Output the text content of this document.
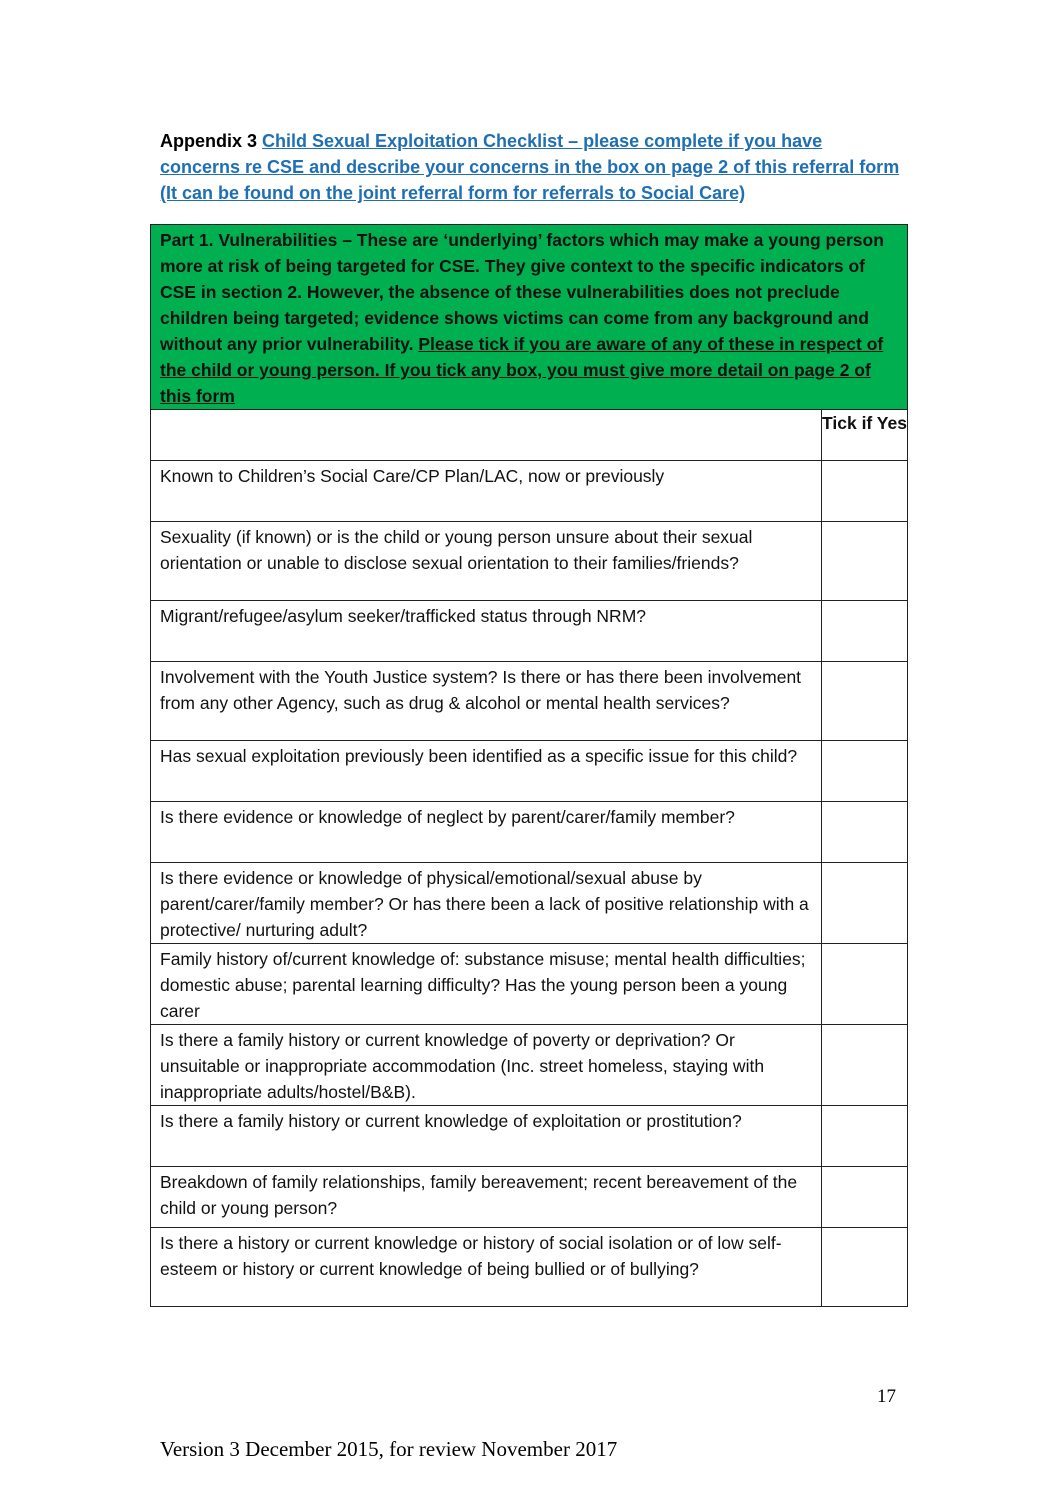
Appendix 3 Child Sexual Exploitation Checklist – please complete if you have concerns re CSE and describe your concerns in the box on page 2 of this referral form (It can be found on the joint referral form for referrals to Social Care)
Part 1. Vulnerabilities – These are ‘underlying’ factors which may make a young person more at risk of being targeted for CSE. They give context to the specific indicators of CSE in section 2. However, the absence of these vulnerabilities does not preclude children being targeted; evidence shows victims can come from any background and without any prior vulnerability. Please tick if you are aware of any of these in respect of the child or young person. If you tick any box, you must give more detail on page 2 of this form	
	Tick if Yes
Known to Children’s Social Care/CP Plan/LAC, now or previously	
Sexuality (if known) or is the child or young person unsure about their sexual orientation or unable to disclose sexual orientation to their families/friends?	
Migrant/refugee/asylum seeker/trafficked status through NRM?	
Involvement with the Youth Justice system? Is there or has there been involvement from any other Agency, such as drug & alcohol or mental health services?	
Has sexual exploitation previously been identified as a specific issue for this child?	
Is there evidence or knowledge of neglect by parent/carer/family member?	
Is there evidence or knowledge of physical/emotional/sexual abuse by parent/carer/family member? Or has there been a lack of positive relationship with a protective/ nurturing adult?	
Family history of/current knowledge of: substance misuse; mental health difficulties; domestic abuse; parental learning difficulty? Has the young person been a young carer	
Is there a family history or current knowledge of poverty or deprivation? Or unsuitable or inappropriate accommodation (Inc. street homeless, staying with inappropriate adults/hostel/B&B).	
Is there a family history or current knowledge of exploitation or prostitution?	
Breakdown of family relationships, family bereavement; recent bereavement of the child or young person?	
Is there a history or current knowledge or history of social isolation or of low self-esteem or history or current knowledge of being bullied or of bullying?	
17
Version 3 December 2015, for review November 2017
